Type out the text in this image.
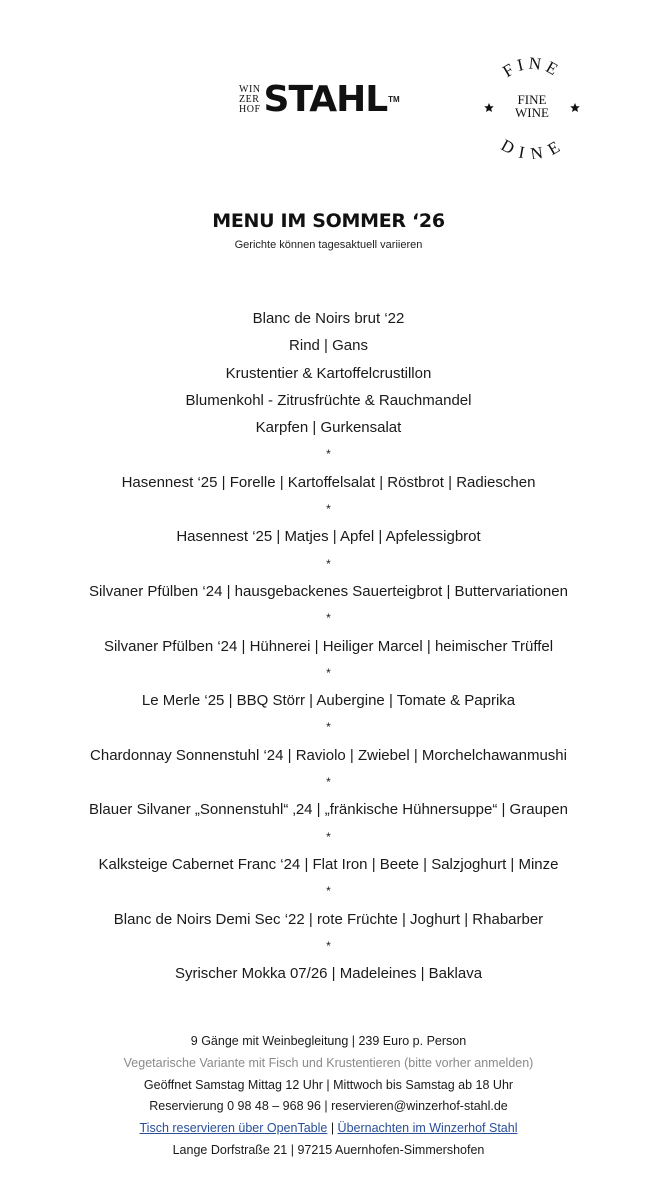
WIN
ZER
HOF STAHL TM
FINE
DINE
FINE
WINE
MENU IM SOMMER ‘26
Gerichte können tagesaktuell variieren
Blanc de Noirs brut ‘22
Rind | Gans
Krustentier & Kartoffelcrustillon
Blumenkohl - Zitrusfrüchte & Rauchmandel
Karpfen | Gurkensalat
*
Hasennest ‘25 | Forelle | Kartoffelsalat | Röstbrot | Radieschen
*
Hasennest ‘25 | Matjes | Apfel | Apfelessigbrot
*
Silvaner Pfülben ‘24 | hausgebackenes Sauerteigbrot | Buttervariationen
*
Silvaner Pfülben ‘24 | Hühnerei | Heiliger Marcel | heimischer Trüffel
*
Le Merle ‘25 | BBQ Störr | Aubergine | Tomate & Paprika
*
Chardonnay Sonnenstuhl ‘24 | Raviolo | Zwiebel | Morchelchawanmushi
*
Blauer Silvaner „Sonnenstuhl“ ‚24 | „fränkische Hühnersuppe“ | Graupen
*
Kalksteige Cabernet Franc ‘24 | Flat Iron | Beete | Salzjoghurt | Minze
*
Blanc de Noirs Demi Sec ‘22 | rote Früchte | Joghurt | Rhabarber
*
Syrischer Mokka 07/26 | Madeleines | Baklava
9 Gänge mit Weinbegleitung | 239 Euro p. Person
Vegetarische Variante mit Fisch und Krustentieren (bitte vorher anmelden)
Geöffnet Samstag Mittag 12 Uhr | Mittwoch bis Samstag ab 18 Uhr
Reservierung 0 98 48 – 968 96 | reservieren@winzerhof-stahl.de
Tisch reservieren über OpenTable | Übernachten im Winzerhof Stahl
Lange Dorfstraße 21 | 97215 Auernhofen-Simmershofen
